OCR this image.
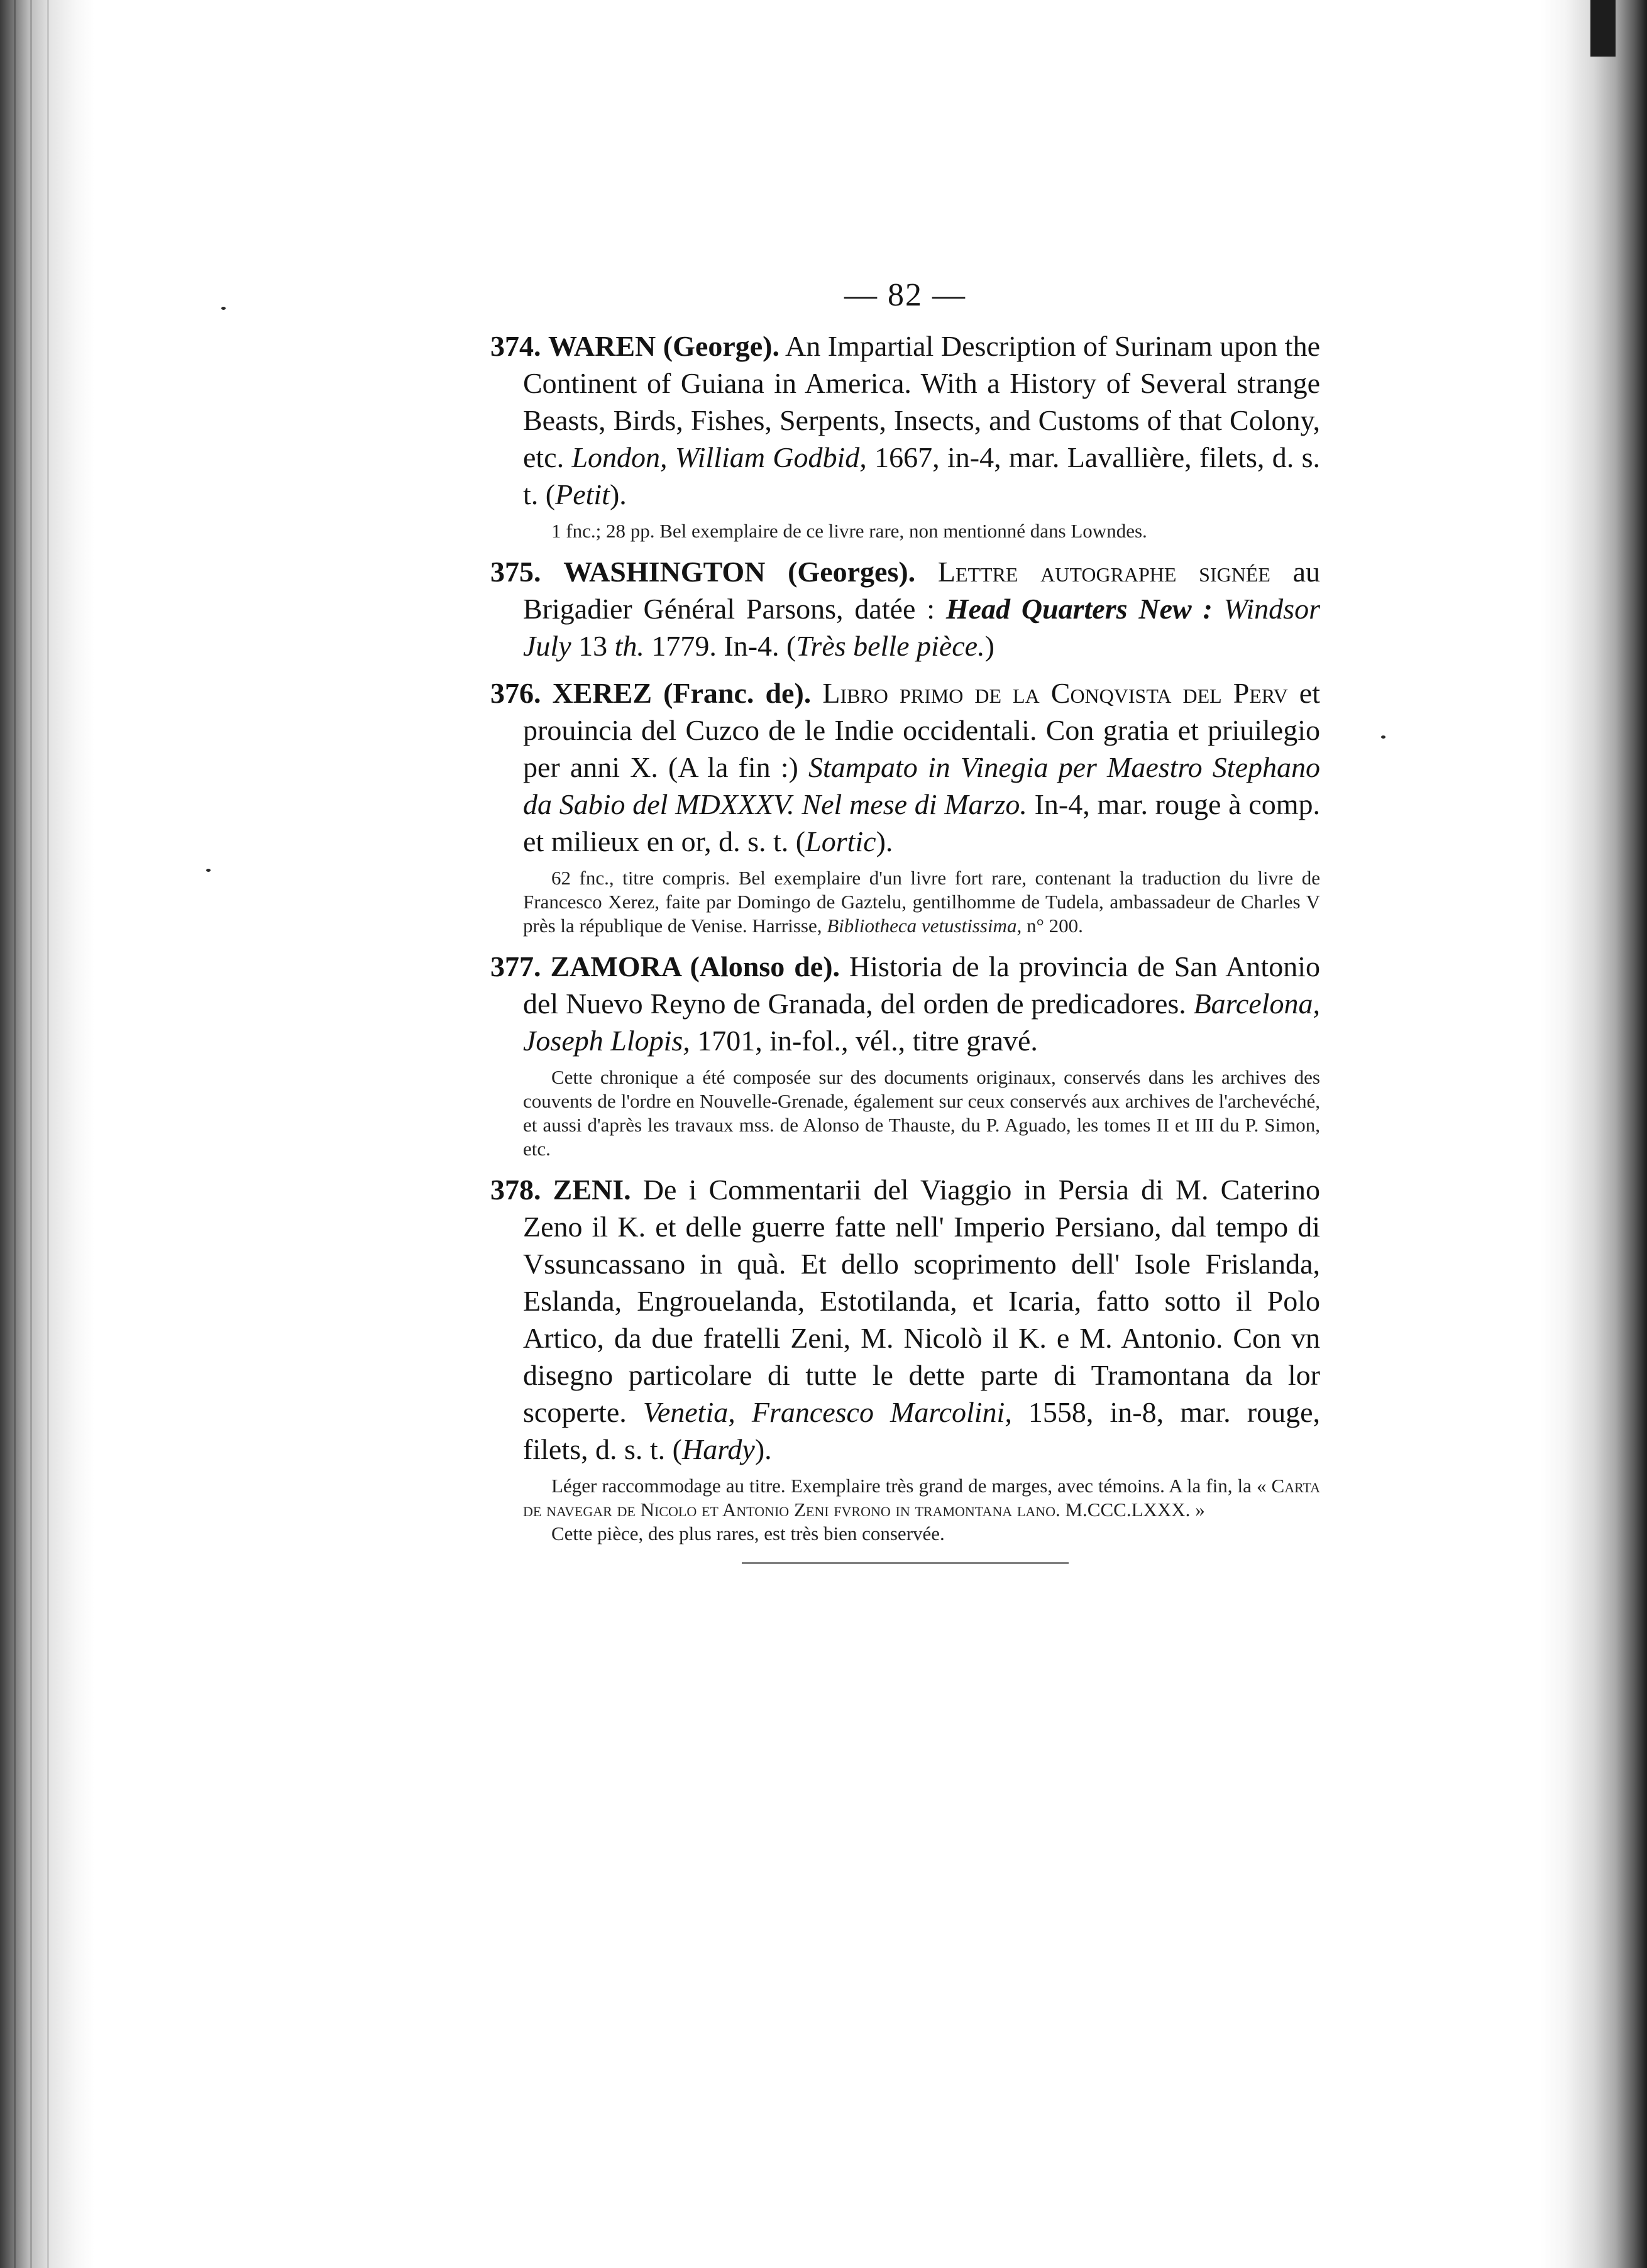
— 82 —

374. WAREN (George). An Impartial Description of Surinam upon the Continent of Guiana in America. With a History of Several strange Beasts, Birds, Fishes, Serpents, Insects, and Customs of that Colony, etc. London, William Godbid, 1667, in-4, mar. Lavallière, filets, d. s. t. (Petit).

1 fnc.; 28 pp. Bel exemplaire de ce livre rare, non mentionné dans Lowndes.

375. WASHINGTON (Georges). Lettre autographe signée au Brigadier Général Parsons, datée : Head Quarters New : Windsor July 13 th. 1779. In-4. (Très belle pièce.)

376. XEREZ (Franc. de). Libro primo de la Conqvista del Perv et prouincia del Cuzco de le Indie occidentali. Con gratia et priuilegio per anni X. (A la fin :) Stampato in Vinegia per Maestro Stephano da Sabio del MDXXXV. Nel mese di Marzo. In-4, mar. rouge à comp. et milieux en or, d. s. t. (Lortic).

62 fnc., titre compris. Bel exemplaire d'un livre fort rare, contenant la traduction du livre de Francesco Xerez, faite par Domingo de Gaztelu, gentilhomme de Tudela, ambassadeur de Charles V près la république de Venise. Harrisse, Bibliotheca vetustissima, n° 200.

377. ZAMORA (Alonso de). Historia de la provincia de San Antonio del Nuevo Reyno de Granada, del orden de predicadores. Barcelona, Joseph Llopis, 1701, in-fol., vél., titre gravé.

Cette chronique a été composée sur des documents originaux, conservés dans les archives des couvents de l'ordre en Nouvelle-Grenade, également sur ceux conservés aux archives de l'archevéché, et aussi d'après les travaux mss. de Alonso de Thauste, du P. Aguado, les tomes II et III du P. Simon, etc.

378. ZENI. De i Commentarii del Viaggio in Persia di M. Caterino Zeno il K. et delle guerre fatte nell' Imperio Persiano, dal tempo di Vssuncassano in quà. Et dello scoprimento dell' Isole Frislanda, Eslanda, Engrouelanda, Estotilanda, et Icaria, fatto sotto il Polo Artico, da due fratelli Zeni, M. Nicolò il K. e M. Antonio. Con vn disegno particolare di tutte le dette parte di Tramontana da lor scoperte. Venetia, Francesco Marcolini, 1558, in-8, mar. rouge, filets, d. s. t. (Hardy).

Léger raccommodage au titre. Exemplaire très grand de marges, avec témoins. A la fin, la « Carta de navegar de Nicolo et Antonio Zeni fvrono in tramontana lano. M.CCC.LXXX. »

Cette pièce, des plus rares, est très bien conservée.
